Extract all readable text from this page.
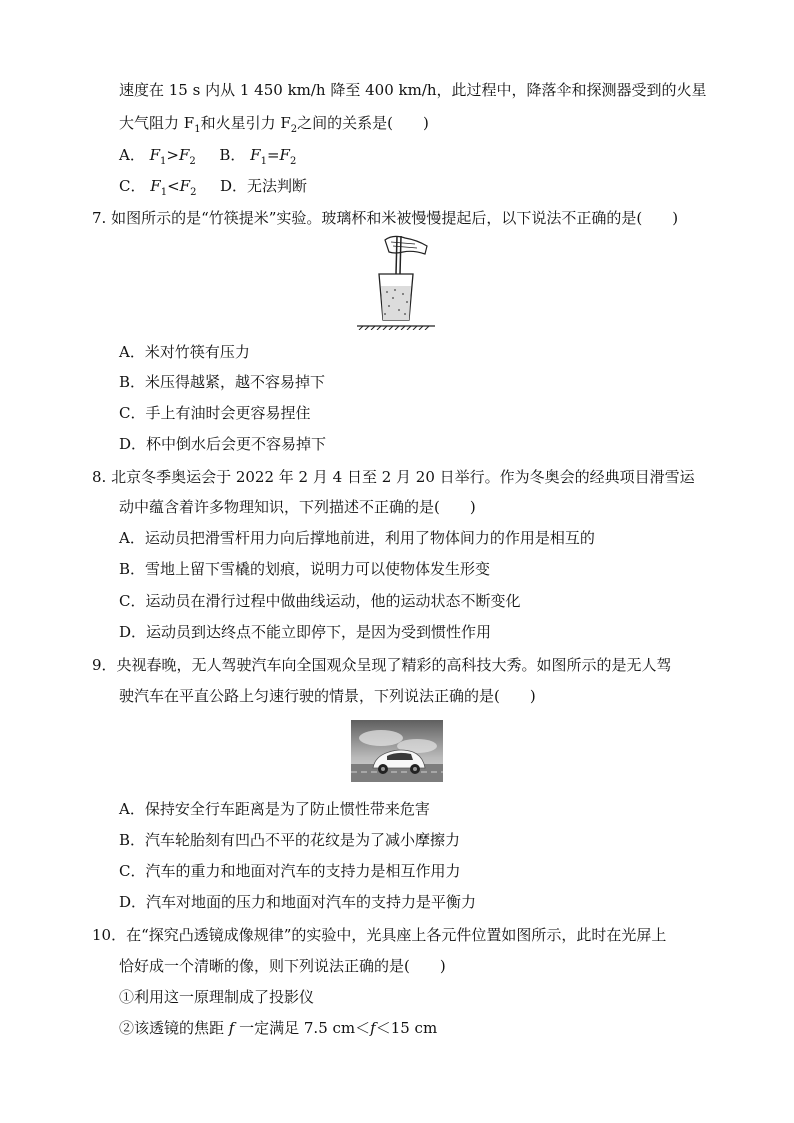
速度在 15 s 内从 1 450 km/h 降至 400 km/h，此过程中，降落伞和探测器受到的火星
大气阻力 $F_1$和火星引力 $F_2$之间的关系是(　　)
A． $F_1>F_2$ B． $F_1=F_2$
C． $F_1<F_2$ D．无法判断
7. 如图所示的是“竹筷提米”实验。玻璃杯和米被慢慢提起后，以下说法不正确的是(　　)
A．米对竹筷有压力
B．米压得越紧，越不容易掉下
C．手上有油时会更容易捏住
D．杯中倒水后会更不容易掉下
8. 北京冬季奥运会于 2022 年 2 月 4 日至 2 月 20 日举行。作为冬奥会的经典项目滑雪运
动中蕴含着许多物理知识，下列描述不正确的是(　　)
A．运动员把滑雪杆用力向后撑地前进，利用了物体间力的作用是相互的
B．雪地上留下雪橇的划痕，说明力可以使物体发生形变
C．运动员在滑行过程中做曲线运动，他的运动状态不断变化
D．运动员到达终点不能立即停下，是因为受到惯性作用
9．央视春晚，无人驾驶汽车向全国观众呈现了精彩的高科技大秀。如图所示的是无人驾
驶汽车在平直公路上匀速行驶的情景，下列说法正确的是(　　)
A．保持安全行车距离是为了防止惯性带来危害
B．汽车轮胎刻有凹凸不平的花纹是为了减小摩擦力
C．汽车的重力和地面对汽车的支持力是相互作用力
D．汽车对地面的压力和地面对汽车的支持力是平衡力
10．在“探究凸透镜成像规律”的实验中，光具座上各元件位置如图所示，此时在光屏上
恰好成一个清晰的像，则下列说法正确的是(　　)
①利用这一原理制成了投影仪
②该透镜的焦距 f 一定满足 7.5 cm＜f＜15 cm
